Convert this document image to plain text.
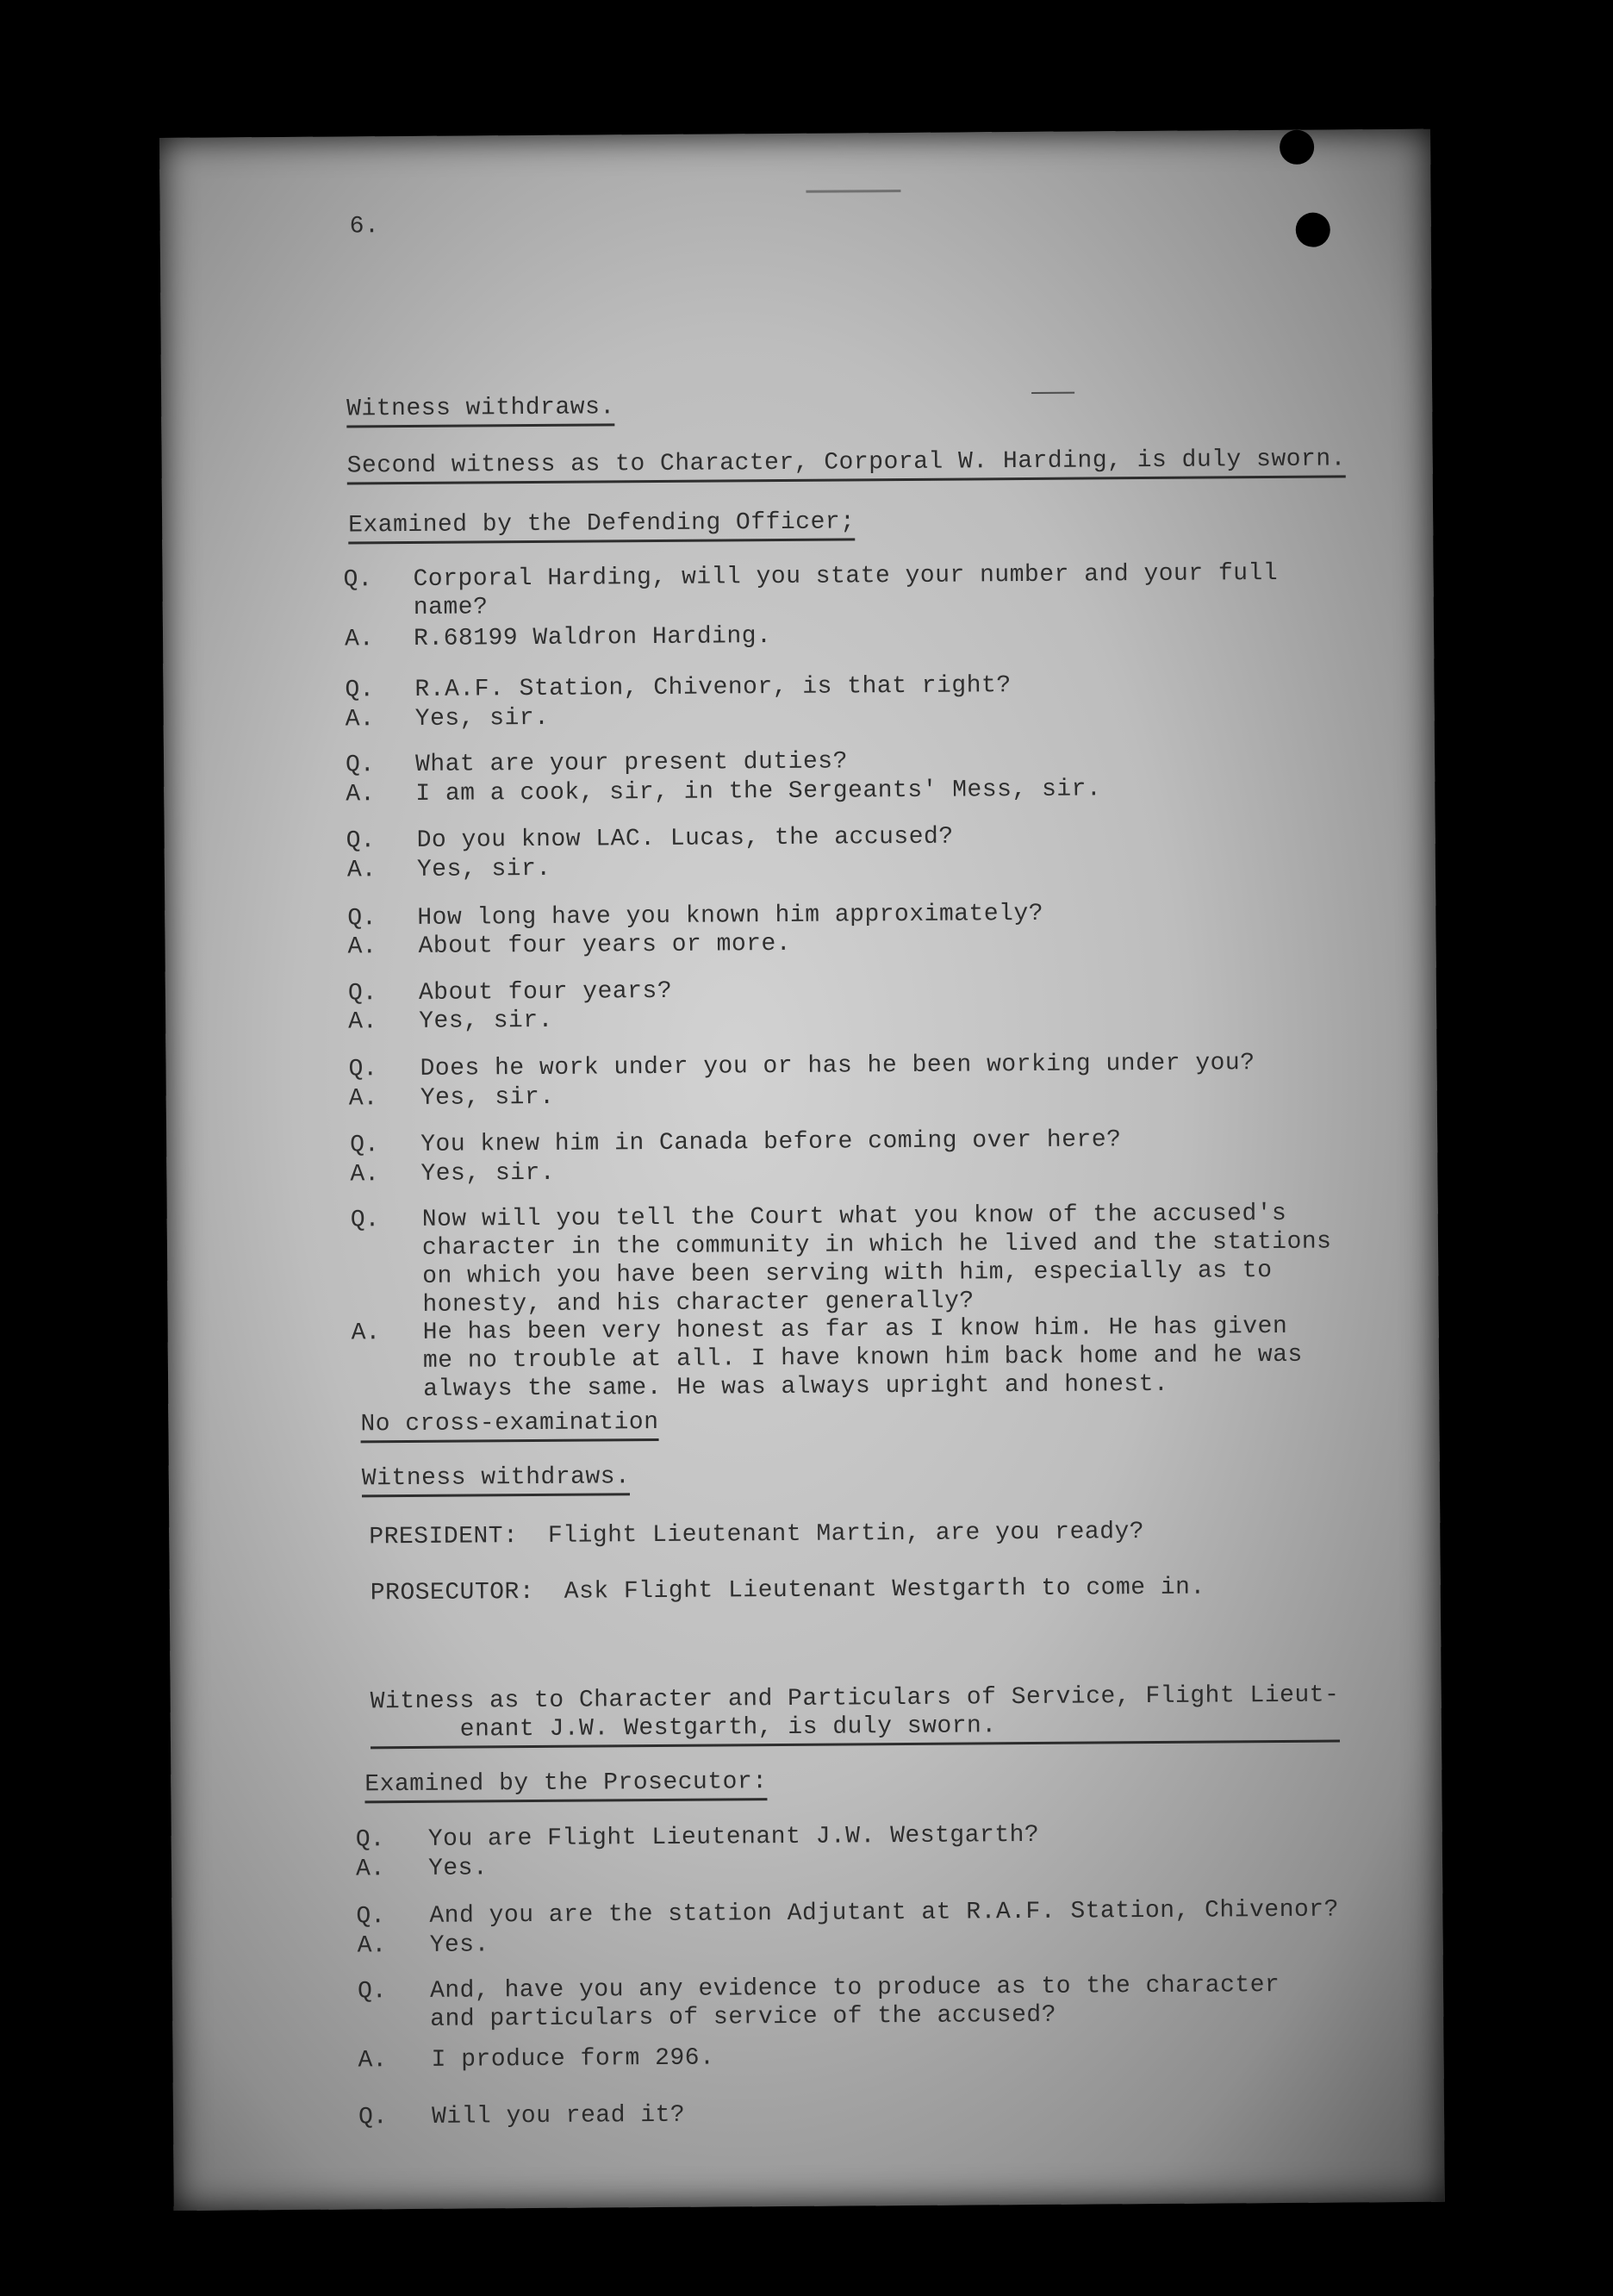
6.
Witness withdraws.
Second witness as to Character, Corporal W. Harding, is duly sworn.
Examined by the Defending Officer;
Q. Corporal Harding, will you state your number and your full
name?
A. R.68199 Waldron Harding.
Q. R.A.F. Station, Chivenor, is that right?
A. Yes, sir.
Q. What are your present duties?
A. I am a cook, sir, in the Sergeants' Mess, sir.
Q. Do you know LAC. Lucas, the accused?
A. Yes, sir.
Q. How long have you known him approximately?
A. About four years or more.
Q. About four years?
A. Yes, sir.
Q. Does he work under you or has he been working under you?
A. Yes, sir.
Q. You knew him in Canada before coming over here?
A. Yes, sir.
Q. Now will you tell the Court what you know of the accused's
character in the community in which he lived and the stations
on which you have been serving with him, especially as to
honesty, and his character generally?
A. He has been very honest as far as I know him. He has given
me no trouble at all. I have known him back home and he was
always the same. He was always upright and honest.
No cross-examination
Witness withdraws.
PRESIDENT:  Flight Lieutenant Martin, are you ready?
PROSECUTOR:  Ask Flight Lieutenant Westgarth to come in.
Witness as to Character and Particulars of Service, Flight Lieut-
enant J.W. Westgarth, is duly sworn.
Examined by the Prosecutor:
Q. You are Flight Lieutenant J.W. Westgarth?
A. Yes.
Q. And you are the station Adjutant at R.A.F. Station, Chivenor?
A. Yes.
Q. And, have you any evidence to produce as to the character
and particulars of service of the accused?
A. I produce form 296.
Q. Will you read it?
